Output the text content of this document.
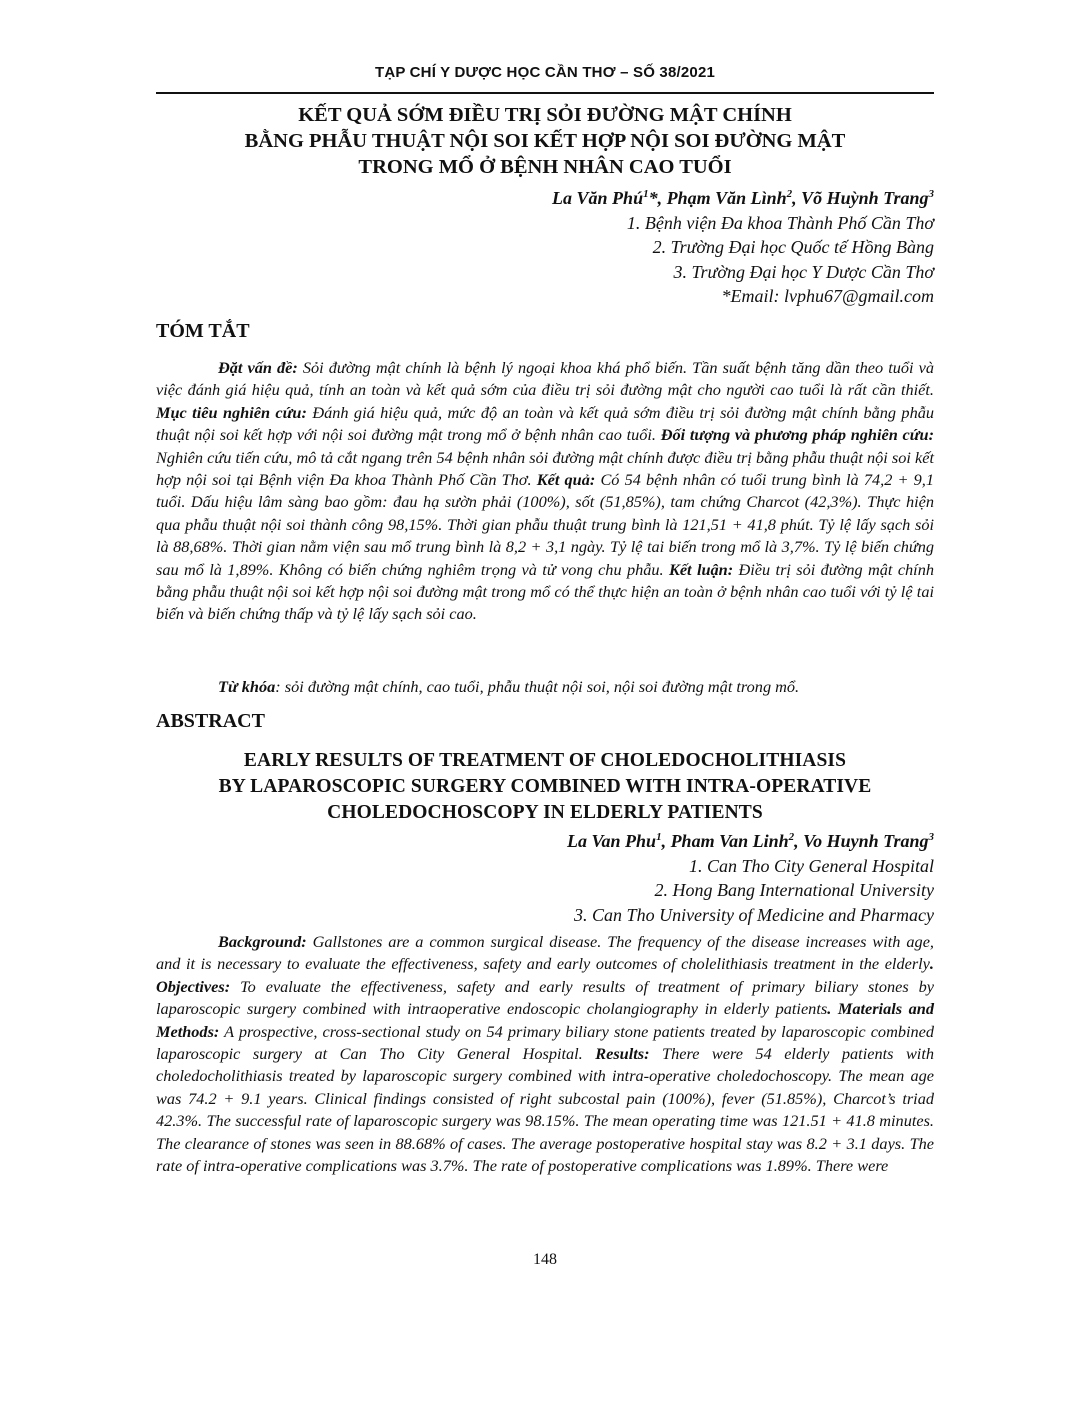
TẠP CHÍ Y DƯỢC HỌC CẦN THƠ – SỐ 38/2021
KẾT QUẢ SỚM ĐIỀU TRỊ SỎI ĐƯỜNG MẬT CHÍNH
BẰNG PHẪU THUẬT NỘI SOI KẾT HỢP NỘI SOI ĐƯỜNG MẬT
TRONG MỔ Ở BỆNH NHÂN CAO TUỔI
La Văn Phú$^1$*, Phạm Văn Lình$^2$, Võ Huỳnh Trang$^3$
1. Bệnh viện Đa khoa Thành Phố Cần Thơ
2. Trường Đại học Quốc tế Hồng Bàng
3. Trường Đại học Y Dược Cần Thơ
*Email: lvphu67@gmail.com
TÓM TẮT
Đặt vấn đề: Sỏi đường mật chính là bệnh lý ngoại khoa khá phổ biến. Tần suất bệnh tăng dần theo tuổi và việc đánh giá hiệu quả, tính an toàn và kết quả sớm của điều trị sỏi đường mật cho người cao tuổi là rất cần thiết. Mục tiêu nghiên cứu: Đánh giá hiệu quả, mức độ an toàn và kết quả sớm điều trị sỏi đường mật chính bằng phẫu thuật nội soi kết hợp với nội soi đường mật trong mổ ở bệnh nhân cao tuổi. Đối tượng và phương pháp nghiên cứu: Nghiên cứu tiến cứu, mô tả cắt ngang trên 54 bệnh nhân sỏi đường mật chính được điều trị bằng phẫu thuật nội soi kết hợp nội soi tại Bệnh viện Đa khoa Thành Phố Cần Thơ. Kết quả: Có 54 bệnh nhân có tuổi trung bình là 74,2 + 9,1 tuổi. Dấu hiệu lâm sàng bao gồm: đau hạ sườn phải (100%), sốt (51,85%), tam chứng Charcot (42,3%). Thực hiện qua phẫu thuật nội soi thành công 98,15%. Thời gian phẫu thuật trung bình là 121,51 + 41,8 phút. Tỷ lệ lấy sạch sỏi là 88,68%. Thời gian nằm viện sau mổ trung bình là 8,2 + 3,1 ngày. Tỷ lệ tai biến trong mổ là 3,7%. Tỷ lệ biến chứng sau mổ là 1,89%. Không có biến chứng nghiêm trọng và tử vong chu phẫu. Kết luận: Điều trị sỏi đường mật chính bằng phẫu thuật nội soi kết hợp nội soi đường mật trong mổ có thể thực hiện an toàn ở bệnh nhân cao tuổi với tỷ lệ tai biến và biến chứng thấp và tỷ lệ lấy sạch sỏi cao.
Từ khóa: sỏi đường mật chính, cao tuổi, phẫu thuật nội soi, nội soi đường mật trong mổ.
ABSTRACT
EARLY RESULTS OF TREATMENT OF CHOLEDOCHOLITHIASIS
BY LAPAROSCOPIC SURGERY COMBINED WITH INTRA-OPERATIVE
CHOLEDOCHOSCOPY IN ELDERLY PATIENTS
La Van Phu$^1$, Pham Van Linh$^2$, Vo Huynh Trang$^3$
1. Can Tho City General Hospital
2. Hong Bang International University
3. Can Tho University of Medicine and Pharmacy
Background: Gallstones are a common surgical disease. The frequency of the disease increases with age, and it is necessary to evaluate the effectiveness, safety and early outcomes of cholelithiasis treatment in the elderly. Objectives: To evaluate the effectiveness, safety and early results of treatment of primary biliary stones by laparoscopic surgery combined with intraoperative endoscopic cholangiography in elderly patients. Materials and Methods: A prospective, cross-sectional study on 54 primary biliary stone patients treated by laparoscopic combined laparoscopic surgery at Can Tho City General Hospital. Results: There were 54 elderly patients with choledocholithiasis treated by laparoscopic surgery combined with intra-operative choledochoscopy. The mean age was 74.2 + 9.1 years. Clinical findings consisted of right subcostal pain (100%), fever (51.85%), Charcot’s triad 42.3%. The successful rate of laparoscopic surgery was 98.15%. The mean operating time was 121.51 + 41.8 minutes. The clearance of stones was seen in 88.68% of cases. The average postoperative hospital stay was 8.2 + 3.1 days. The rate of intra-operative complications was 3.7%. The rate of postoperative complications was 1.89%. There were
148
